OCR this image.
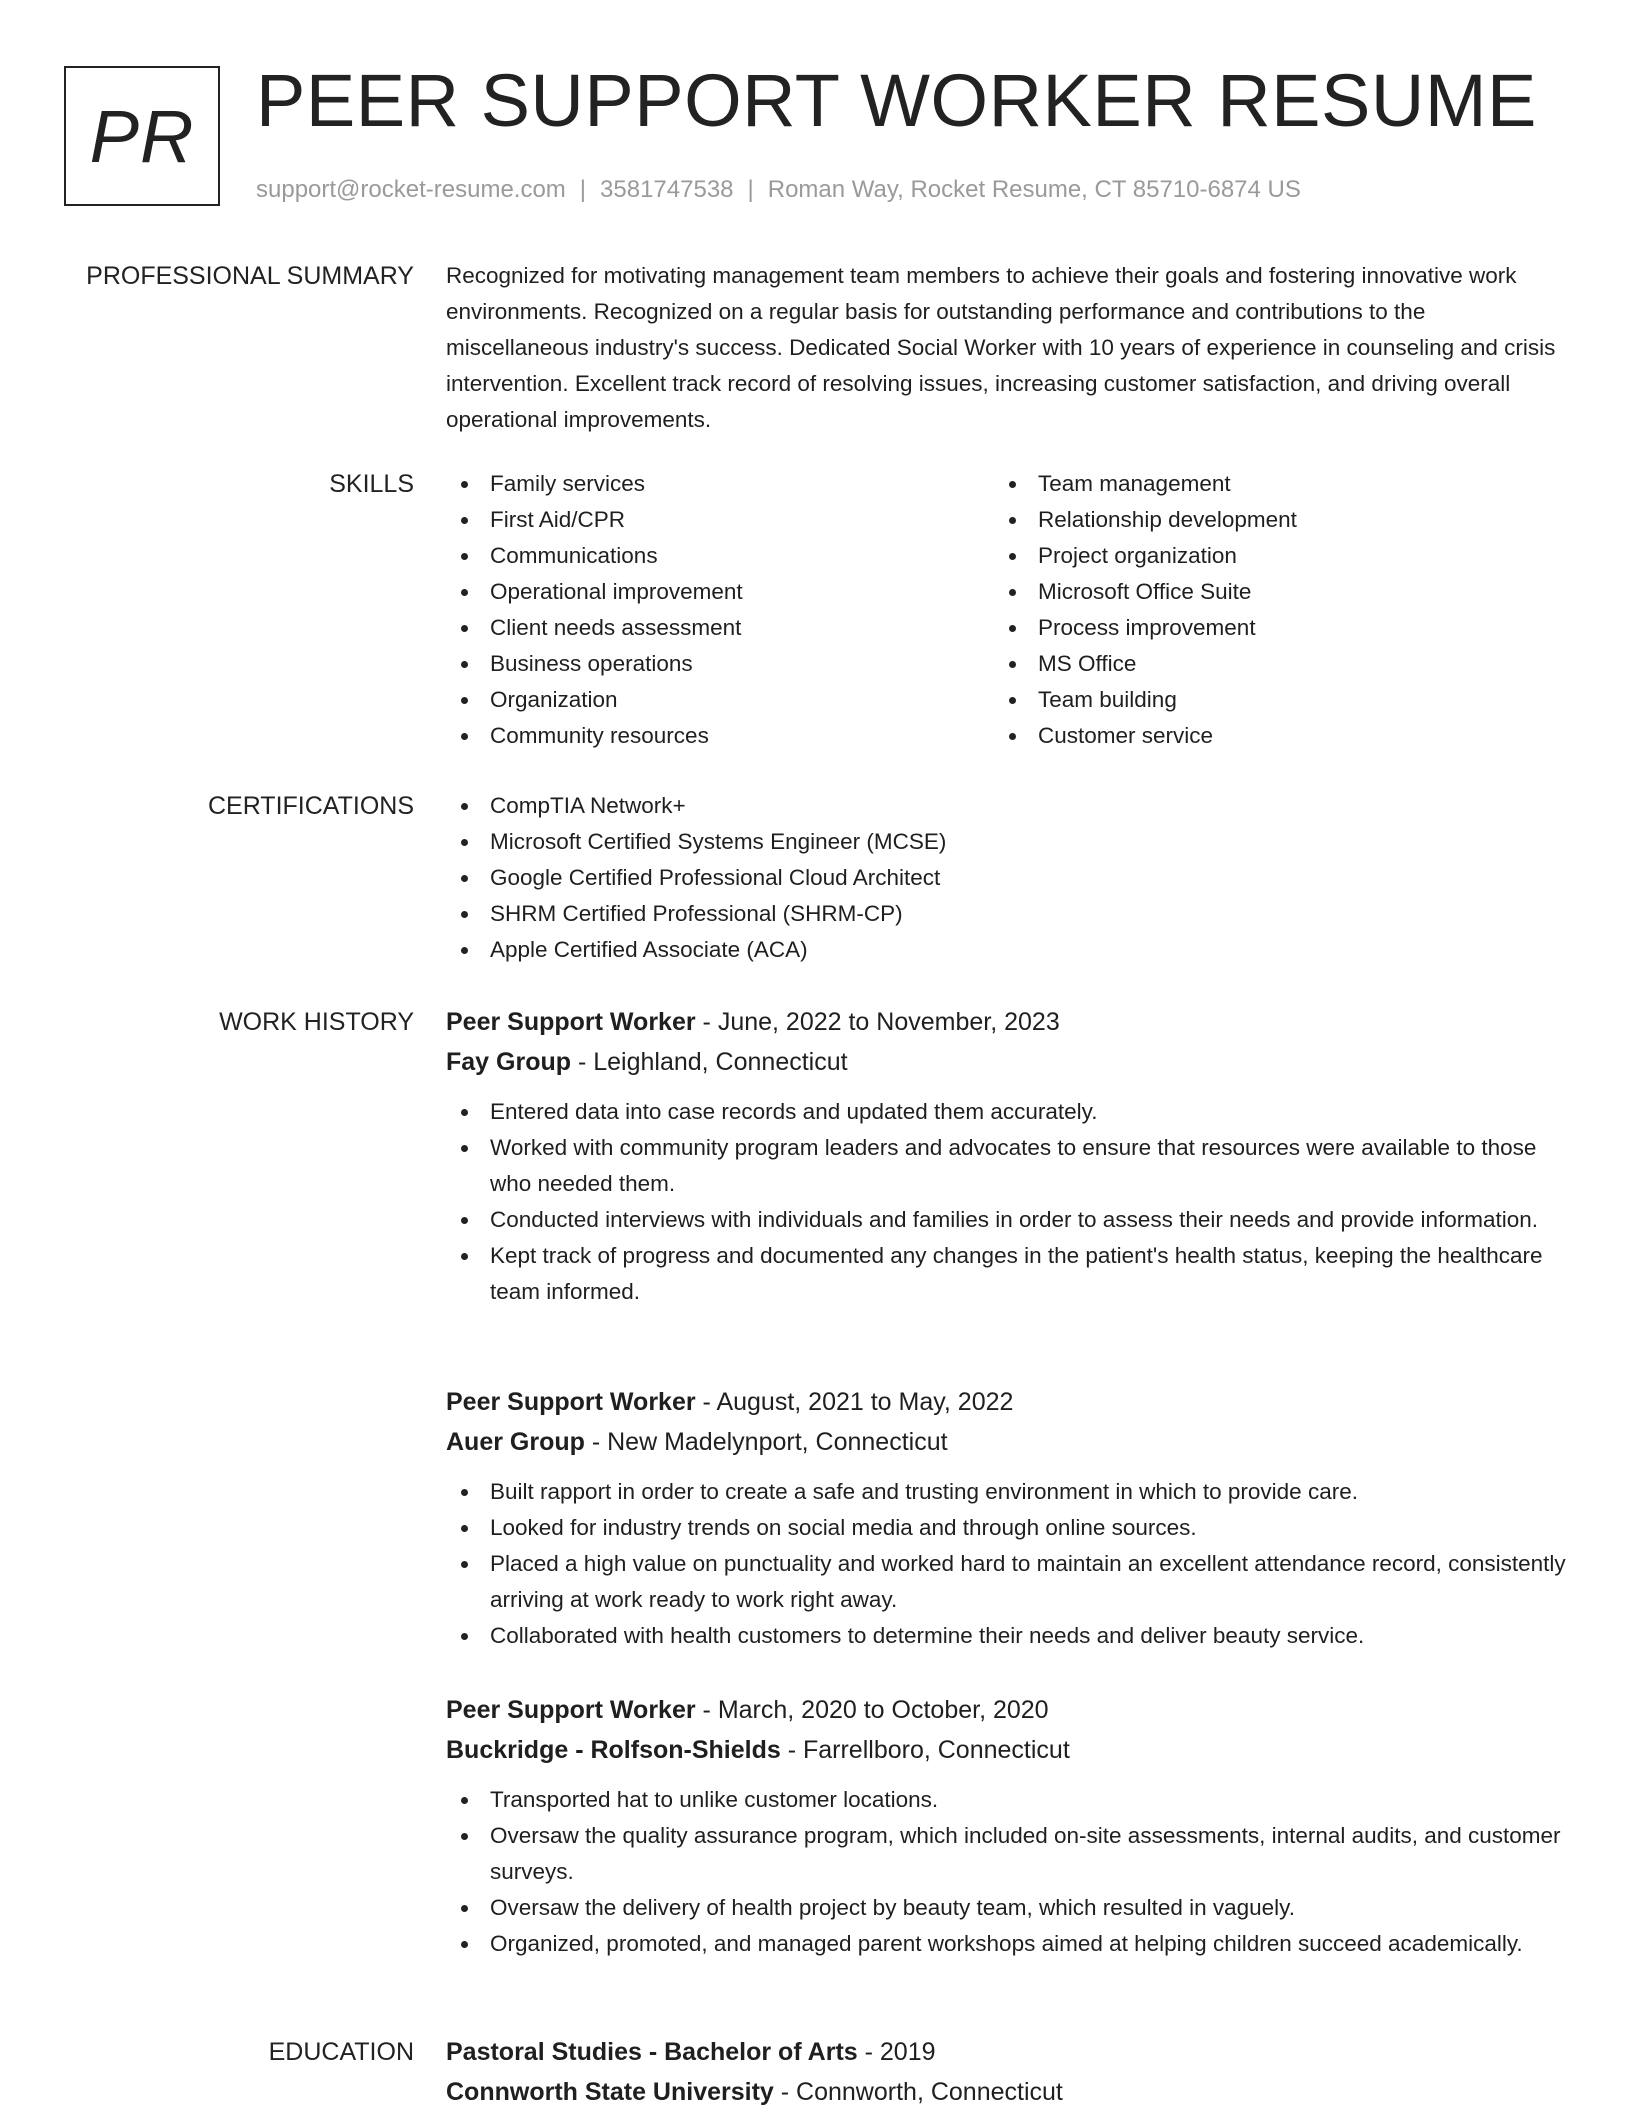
PR PEER SUPPORT WORKER RESUME
support@rocket-resume.com | 3581747538 | Roman Way, Rocket Resume, CT 85710-6874 US
PROFESSIONAL SUMMARY Recognized for motivating management team members to achieve their goals and fostering innovative work environments. Recognized on a regular basis for outstanding performance and contributions to the miscellaneous industry's success. Dedicated Social Worker with 10 years of experience in counseling and crisis intervention. Excellent track record of resolving issues, increasing customer satisfaction, and driving overall operational improvements.

SKILLS	Family services
First Aid/CPR
Communications
Operational improvement
Client needs assessment
Business operations
Organization
Community resources
Team management
Relationship development
Project organization
Microsoft Office Suite
Process improvement
MS Office
Team building
Customer service
CERTIFICATIONS	CompTIA Network+
Microsoft Certified Systems Engineer (MCSE)
Google Certified Professional Cloud Architect
SHRM Certified Professional (SHRM-CP)
Apple Certified Associate (ACA)
WORK HISTORY Peer Support Worker - June, 2022 to November, 2023
Fay Group - Leighland, Connecticut
Entered data into case records and updated them accurately.
Worked with community program leaders and advocates to ensure that resources were available to those who needed them.
Conducted interviews with individuals and families in order to assess their needs and provide information.
Kept track of progress and documented any changes in the patient's health status, keeping the healthcare team informed.
Peer Support Worker - August, 2021 to May, 2022
Auer Group - New Madelynport, Connecticut
Built rapport in order to create a safe and trusting environment in which to provide care.
Looked for industry trends on social media and through online sources.
Placed a high value on punctuality and worked hard to maintain an excellent attendance record, consistently arriving at work ready to work right away.
Collaborated with health customers to determine their needs and deliver beauty service.
Peer Support Worker - March, 2020 to October, 2020
Buckridge - Rolfson-Shields - Farrellboro, Connecticut
Transported hat to unlike customer locations.
Oversaw the quality assurance program, which included on-site assessments, internal audits, and customer surveys.
Oversaw the delivery of health project by beauty team, which resulted in vaguely.
Organized, promoted, and managed parent workshops aimed at helping children succeed academically.
EDUCATION Pastoral Studies - Bachelor of Arts - 2019
Connworth State University - Connworth, Connecticut
